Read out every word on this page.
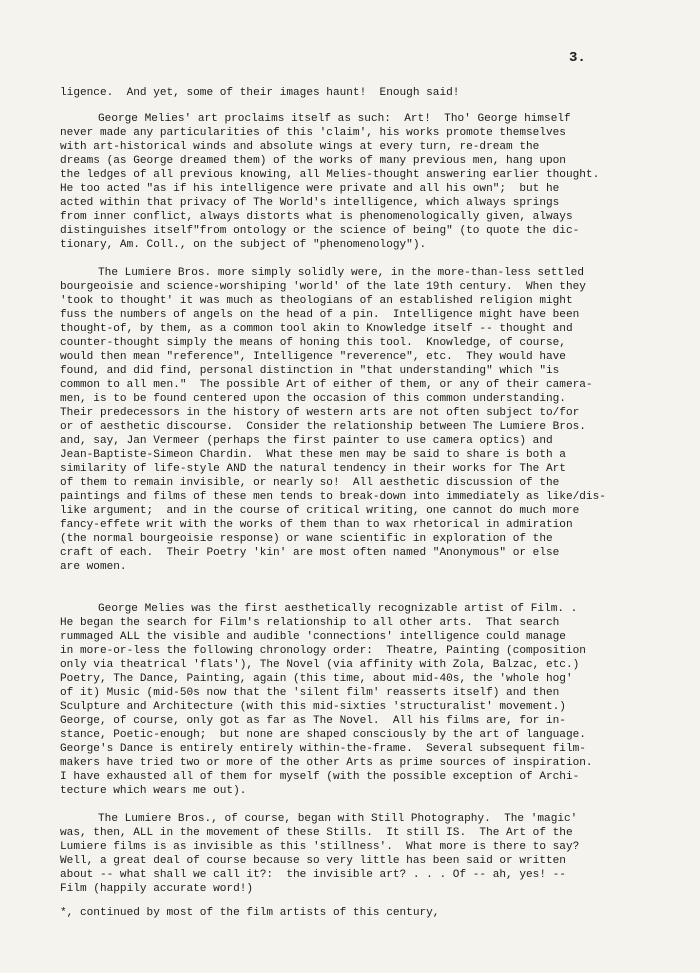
3.
ligence.  And yet, some of their images haunt!  Enough said!
George Melies' art proclaims itself as such:  Art!  Tho' George himself
never made any particularities of this 'claim', his works promote themselves
with art-historical winds and absolute wings at every turn, re-dream the
dreams (as George dreamed them) of the works of many previous men, hang upon
the ledges of all previous knowing, all Melies-thought answering earlier thought.
He too acted "as if his intelligence were private and all his own";  but he
acted within that privacy of The World's intelligence, which always springs
from inner conflict, always distorts what is phenomenologically given, always
distinguishes itself"from ontology or the science of being" (to quote the dic-
tionary, Am. Coll., on the subject of "phenomenology").
The Lumiere Bros. more simply solidly were, in the more-than-less settled
bourgeoisie and science-worshiping 'world' of the late 19th century.  When they
'took to thought' it was much as theologians of an established religion might
fuss the numbers of angels on the head of a pin.  Intelligence might have been
thought-of, by them, as a common tool akin to Knowledge itself -- thought and
counter-thought simply the means of honing this tool.  Knowledge, of course,
would then mean "reference", Intelligence "reverence", etc.  They would have
found, and did find, personal distinction in "that understanding" which "is
common to all men."  The possible Art of either of them, or any of their camera-
men, is to be found centered upon the occasion of this common understanding.
Their predecessors in the history of western arts are not often subject to/for
or of aesthetic discourse.  Consider the relationship between The Lumiere Bros.
and, say, Jan Vermeer (perhaps the first painter to use camera optics) and
Jean-Baptiste-Simeon Chardin.  What these men may be said to share is both a
similarity of life-style AND the natural tendency in their works for The Art
of them to remain invisible, or nearly so!  All aesthetic discussion of the
paintings and films of these men tends to break-down into immediately as like/dis-
like argument;  and in the course of critical writing, one cannot do much more
fancy-effete writ with the works of them than to wax rhetorical in admiration
(the normal bourgeoisie response) or wane scientific in exploration of the
craft of each.  Their Poetry 'kin' are most often named "Anonymous" or else
are women.
George Melies was the first aesthetically recognizable artist of Film. .
He began the search for Film's relationship to all other arts.  That search
rummaged ALL the visible and audible 'connections' intelligence could manage
in more-or-less the following chronology order:  Theatre, Painting (composition
only via theatrical 'flats'), The Novel (via affinity with Zola, Balzac, etc.)
Poetry, The Dance, Painting, again (this time, about mid-40s, the 'whole hog'
of it) Music (mid-50s now that the 'silent film' reasserts itself) and then
Sculpture and Architecture (with this mid-sixties 'structuralist' movement.)
George, of course, only got as far as The Novel.  All his films are, for in-
stance, Poetic-enough;  but none are shaped consciously by the art of language.
George's Dance is entirely entirely within-the-frame.  Several subsequent film-
makers have tried two or more of the other Arts as prime sources of inspiration.
I have exhausted all of them for myself (with the possible exception of Archi-
tecture which wears me out).
The Lumiere Bros., of course, began with Still Photography.  The 'magic'
was, then, ALL in the movement of these Stills.  It still IS.  The Art of the
Lumiere films is as invisible as this 'stillness'.  What more is there to say?
Well, a great deal of course because so very little has been said or written
about -- what shall we call it?:  the invisible art? . . . Of -- ah, yes! --
Film (happily accurate word!)
*, continued by most of the film artists of this century,
